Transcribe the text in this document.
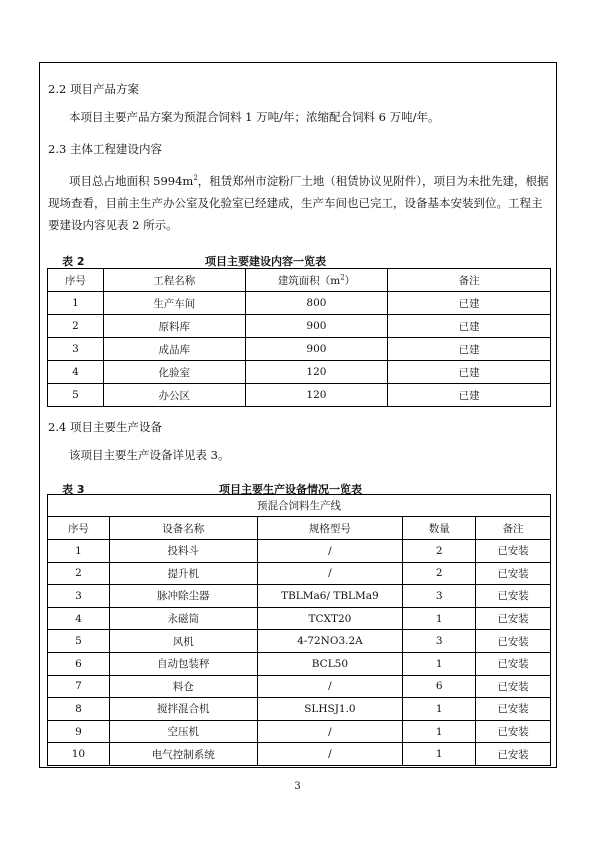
2.2 项目产品方案
本项目主要产品方案为预混合饲料 1 万吨/年；浓缩配合饲料 6 万吨/年。
2.3 主体工程建设内容
项目总占地面积 $5994m^2$，租赁郑州市淀粉厂土地（租赁协议见附件），项目为未批先建，根据现场查看，目前主生产办公室及化验室已经建成，生产车间也已完工，设备基本安装到位。工程主要建设内容见表 2 所示。
表 2	项目主要建设内容一览表
序号	工程名称	建筑面积$(m^2)$	备注
1	生产车间	800	已建
2	原料库	900	已建
3	成品库	900	已建
4	化验室	120	已建
5	办公区	120	已建
2.4 项目主要生产设备
该项目主要生产设备详见表 3。
表 3	项目主要生产设备情况一览表
预混合饲料生产线				
序号	设备名称	规格型号	数量	备注
1	投料斗	/	2	已安装
2	提升机	/	2	已安装
3	脉冲除尘器	TBLMa6/ TBLMa9	3	已安装
4	永磁筒	TCXT20	1	已安装
5	风机	4-72NO3.2A	3	已安装
6	自动包装秤	BCL50	1	已安装
7	料仓	/	6	已安装
8	搅拌混合机	SLHSJ1.0	1	已安装
9	空压机	/	1	已安装
10	电气控制系统	/	1	已安装
3
